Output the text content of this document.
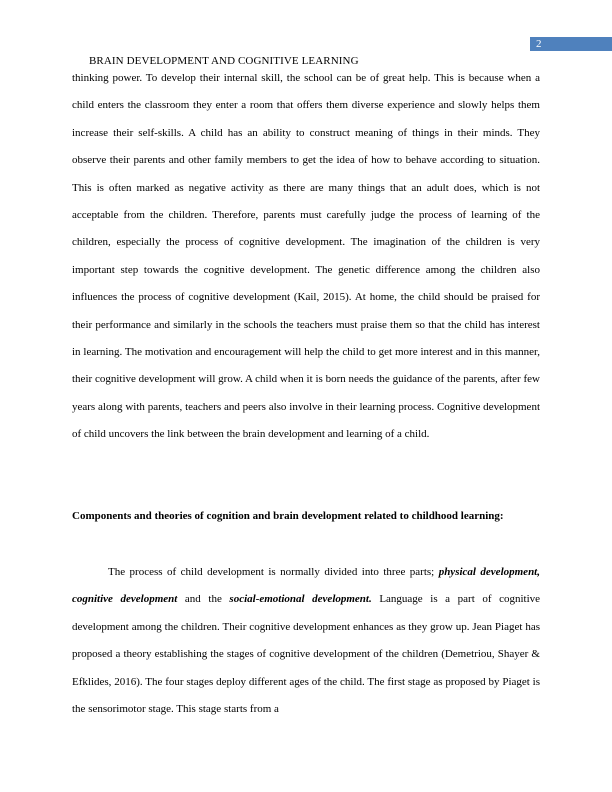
2
BRAIN DEVELOPMENT AND COGNITIVE LEARNING

thinking power. To develop their internal skill, the school can be of great help. This is because when a child enters the classroom they enter a room that offers them diverse experience and slowly helps them increase their self-skills. A child has an ability to construct meaning of things in their minds. They observe their parents and other family members to get the idea of how to behave according to situation. This is often marked as negative activity as there are many things that an adult does, which is not acceptable from the children. Therefore, parents must carefully judge the process of learning of the children, especially the process of cognitive development. The imagination of the children is very important step towards the cognitive development. The genetic difference among the children also influences the process of cognitive development (Kail, 2015). At home, the child should be praised for their performance and similarly in the schools the teachers must praise them so that the child has interest in learning. The motivation and encouragement will help the child to get more interest and in this manner, their cognitive development will grow. A child when it is born needs the guidance of the parents, after few years along with parents, teachers and peers also involve in their learning process. Cognitive development of child uncovers the link between the brain development and learning of a child.

Components and theories of cognition and brain development related to childhood learning:

The process of child development is normally divided into three parts; physical development, cognitive development and the social-emotional development. Language is a part of cognitive development among the children. Their cognitive development enhances as they grow up. Jean Piaget has proposed a theory establishing the stages of cognitive development of the children (Demetriou, Shayer & Efklides, 2016). The four stages deploy different ages of the child. The first stage as proposed by Piaget is the sensorimotor stage. This stage starts from a
